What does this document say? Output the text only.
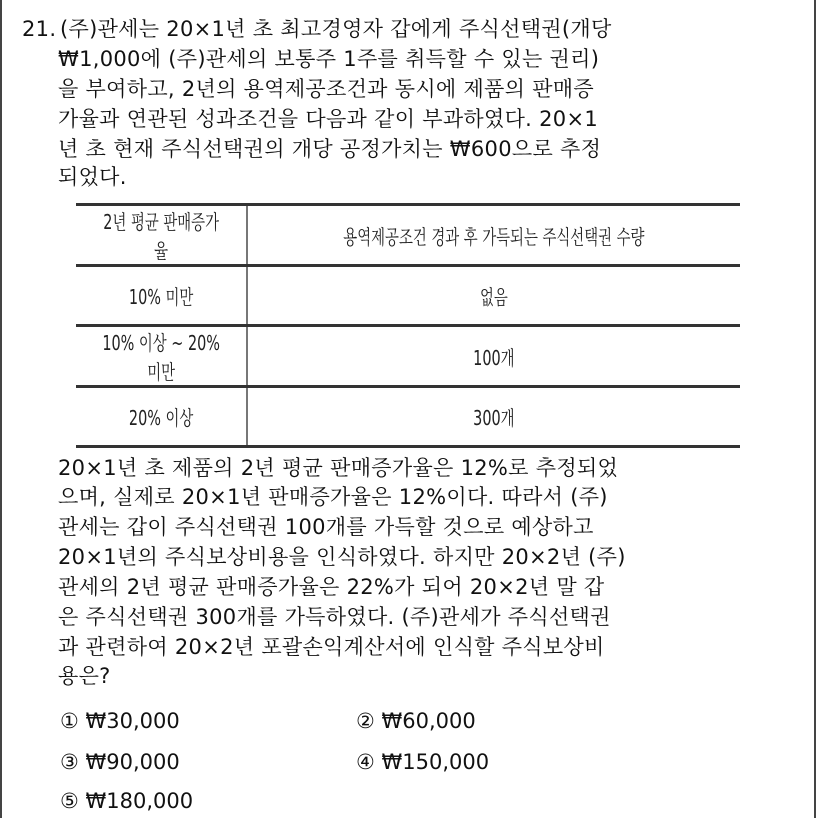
21. (주)관세는 20×1년 초 최고경영자 갑에게 주식선택권(개당
₩1,000에 (주)관세의 보통주 1주를 취득할 수 있는 권리)
을 부여하고, 2년의 용역제공조건과 동시에 제품의 판매증
가율과 연관된 성과조건을 다음과 같이 부과하였다. 20×1
년 초 현재 주식선택권의 개당 공정가치는 ₩600으로 추정
되었다.
2년 평균 판매증가율	용역제공조건 경과 후 가득되는 주식선택권 수량
10% 미만	없음
10% 이상 ~ 20% 미만	100개
20% 이상	300개
20×1년 초 제품의 2년 평균 판매증가율은 12%로 추정되었
으며, 실제로 20×1년 판매증가율은 12%이다. 따라서 (주)
관세는 갑이 주식선택권 100개를 가득할 것으로 예상하고
20×1년의 주식보상비용을 인식하였다. 하지만 20×2년 (주)
관세의 2년 평균 판매증가율은 22%가 되어 20×2년 말 갑
은 주식선택권 300개를 가득하였다. (주)관세가 주식선택권
과 관련하여 20×2년 포괄손익계산서에 인식할 주식보상비
용은?
① ₩30,000	② ₩60,000
③ ₩90,000	④ ₩150,000
⑤ ₩180,000
